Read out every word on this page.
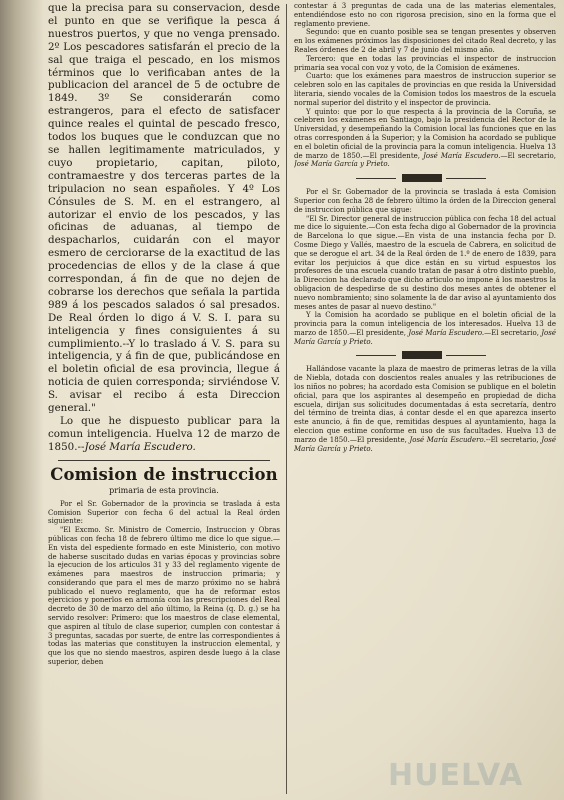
que la precisa para su conservacion, desde el punto en que se verifique la pesca á nuestros puertos, y que no venga prensado. 2º Los pescadores satisfarán el precio de la sal que traiga el pescado, en los mismos términos que lo verificaban antes de la publicacion del arancel de 5 de octubre de 1849. 3º Se considerarán como estrangeros, para el efecto de satisfacer quince reales el quintal de pescado fresco, todos los buques que le conduzcan que no se hallen legitimamente matriculados, y cuyo propietario, capitan, piloto, contramaestre y dos terceras partes de la tripulacion no sean españoles. Y 4º Los Cónsules de S. M. en el estrangero, al autorizar el envio de los pescados, y las oficinas de aduanas, al tiempo de despacharlos, cuidarán con el mayor esmero de cerciorarse de la exactitud de las procedencias de ellos y de la clase á que correspondan, á fin de que no dejen de cobrarse los derechos que señala la partida 989 á los pescados salados ó sal presados. De Real órden lo digo á V. S. I. para su inteligencia y fines consiguientes á su cumplimiento.--Y lo traslado á V. S. para su inteligencia, y á fin de que, publicándose en el boletin oficial de esa provincia, llegue á noticia de quien corresponda; sirviéndose V. S. avisar el recibo á esta Direccion general."

Lo que he dispuesto publicar para la comun inteligencia. Huelva 12 de marzo de 1850.--José María Escudero.

Comision de instruccion
primaria de esta provincia.

Por el Sr. Gobernador de la provincia se traslada á esta Comision Superior con fecha 6 del actual la Real órden siguiente:

"El Excmo. Sr. Ministro de Comercio, Instruccion y Obras públicas con fecha 18 de febrero último me dice lo que sigue.—En vista del espediente formado en este Ministerio, con motivo de haberse suscitado dudas en varias épocas y provincias sobre la ejecucion de los articulos 31 y 33 del reglamento vigente de exámenes para maestros de instruccion primaria; y considerando que para el mes de marzo próximo no se habrá publicado el nuevo reglamento, que ha de reformar estos ejercicios y ponerlos en armonía con las prescripciones del Real decreto de 30 de marzo del año último, la Reina (q. D. g.) se ha servido resolver: Primero: que los maestros de clase elemental, que aspiren al título de clase superior, cumplen con contestar á 3 preguntas, sacadas por suerte, de entre las correspondientes á todas las materias que constituyen la instruccion elemental, y que los que no siendo maestros, aspiren desde luego á la clase superior, deben

contestar á 3 preguntas de cada una de las materias elementales, entendiéndose esto no con rigorosa precision, sino en la forma que el reglamento previene.

Segundo: que en cuanto posible sea se tengan presentes y observen en los exámenes próximos las disposiciones del citado Real decreto, y las Reales órdenes de 2 de abril y 7 de junio del mismo año.

Tercero: que en todas las provincias el inspector de instruccion primaria sea vocal con voz y voto, de la Comision de exámenes.

Cuarto: que los exámenes para maestros de instruccion superior se celebren solo en las capitales de provincias en que resida la Universidad literaria, siendo vocales de la Comision todos los maestros de la escuela normal superior del distrito y el inspector de provincia.

Y quinto: que por lo que respecta á la provincia de la Coruña, se celebren los exámenes en Santiago, bajo la presidencia del Rector de la Universidad, y desempeñando la Comision local las funciones que en las otras corresponden á la Superior; y la Comision ha acordado se publique en el boletin oficial de la provincia para la comun inteligencia. Huelva 13 de marzo de 1850.—El presidente, José María Escudero.—El secretario, José María García y Prieto.

Por el Sr. Gobernador de la provincia se traslada á esta Comision Superior con fecha 28 de febrero último la órden de la Direccion general de instruccion pública que sigue:

"El Sr. Director general de instruccion pública con fecha 18 del actual me dice lo siguiente.—Con esta fecha digo al Gobernador de la provincia de Barcelona lo que sigue.—En vista de una instancia fecha por D. Cosme Diego y Vallés, maestro de la escuela de Cabrera, en solicitud de que se derogue el art. 34 de la Real órden de 1.º de enero de 1839, para evitar los perjuicios á que dice están en su virtud espuestos los profesores de una escuela cuando tratan de pasar á otro distinto pueblo, la Direccion ha declarado que dicho articulo no impone á los maestros la obligacion de despedirse de su destino dos meses antes de obtener el nuevo nombramiento; sino solamente la de dar aviso al ayuntamiento dos meses antes de pasar al nuevo destino."

Y la Comision ha acordado se publique en el boletin oficial de la provincia para la comun inteligencia de los interesados. Huelva 13 de marzo de 1850.—El presidente, José María Escudero.—El secretario, José María García y Prieto.

Hallándose vacante la plaza de maestro de primeras letras de la villa de Niebla, dotada con doscientos reales anuales y las retribuciones de los niños no pobres; ha acordado esta Comision se publique en el boletin oficial, para que los aspirantes al desempeño en propiedad de dicha escuela, dirijan sus solicitudes documentadas á esta secretaría, dentro del término de treinta dias, á contar desde el en que aparezca inserto este anuncio, á fin de que, remitidas despues al ayuntamiento, haga la eleccion que estime conforme en uso de sus facultades. Huelva 13 de marzo de 1850.—El presidente, José María Escudero.--El secretario, José María García y Prieto.

HUELVA
